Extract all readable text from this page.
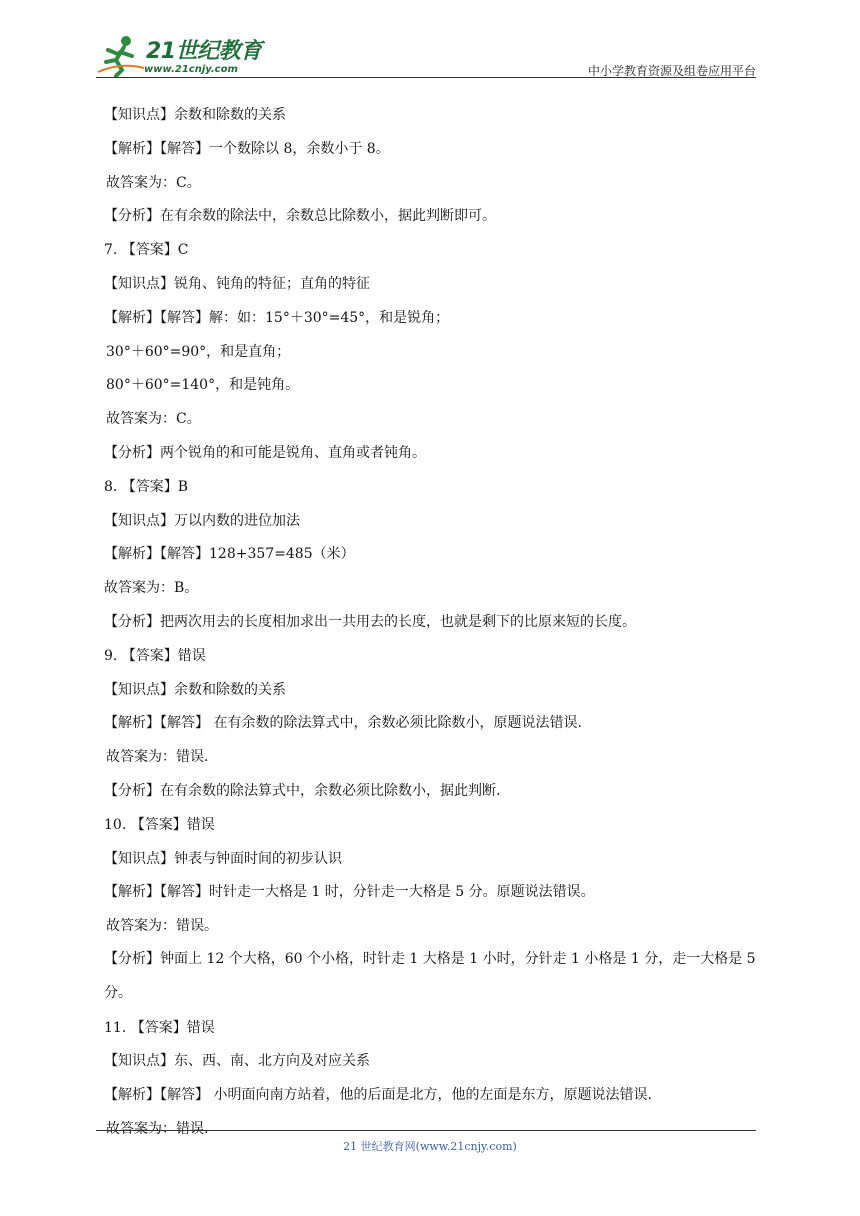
21世纪教育
www.21cnjy.com	中小学教育资源及组卷应用平台
【知识点】余数和除数的关系
【解析】【解答】一个数除以 8，余数小于 8。
故答案为：C。
【分析】在有余数的除法中，余数总比除数小，据此判断即可。
7. 【答案】C
【知识点】锐角、钝角的特征；直角的特征
【解析】【解答】解：如：15°＋30°=45°，和是锐角；
30°＋60°=90°，和是直角；
80°＋60°=140°，和是钝角。
故答案为：C。
【分析】两个锐角的和可能是锐角、直角或者钝角。
8. 【答案】B
【知识点】万以内数的进位加法
【解析】【解答】128+357=485（米）
故答案为：B。
【分析】把两次用去的长度相加求出一共用去的长度，也就是剩下的比原来短的长度。
9. 【答案】错误
【知识点】余数和除数的关系
【解析】【解答】 在有余数的除法算式中，余数必须比除数小，原题说法错误.
故答案为：错误.
【分析】在有余数的除法算式中，余数必须比除数小，据此判断.
10. 【答案】错误
【知识点】钟表与钟面时间的初步认识
【解析】【解答】时针走一大格是 1 时，分针走一大格是 5 分。原题说法错误。
故答案为：错误。
【分析】钟面上 12 个大格，60 个小格，时针走 1 大格是 1 小时，分针走 1 小格是 1 分，走一大格是 5 分。
11. 【答案】错误
【知识点】东、西、南、北方向及对应关系
【解析】【解答】 小明面向南方站着，他的后面是北方，他的左面是东方，原题说法错误.
故答案为：错误.
21 世纪教育网(www.21cnjy.com)
